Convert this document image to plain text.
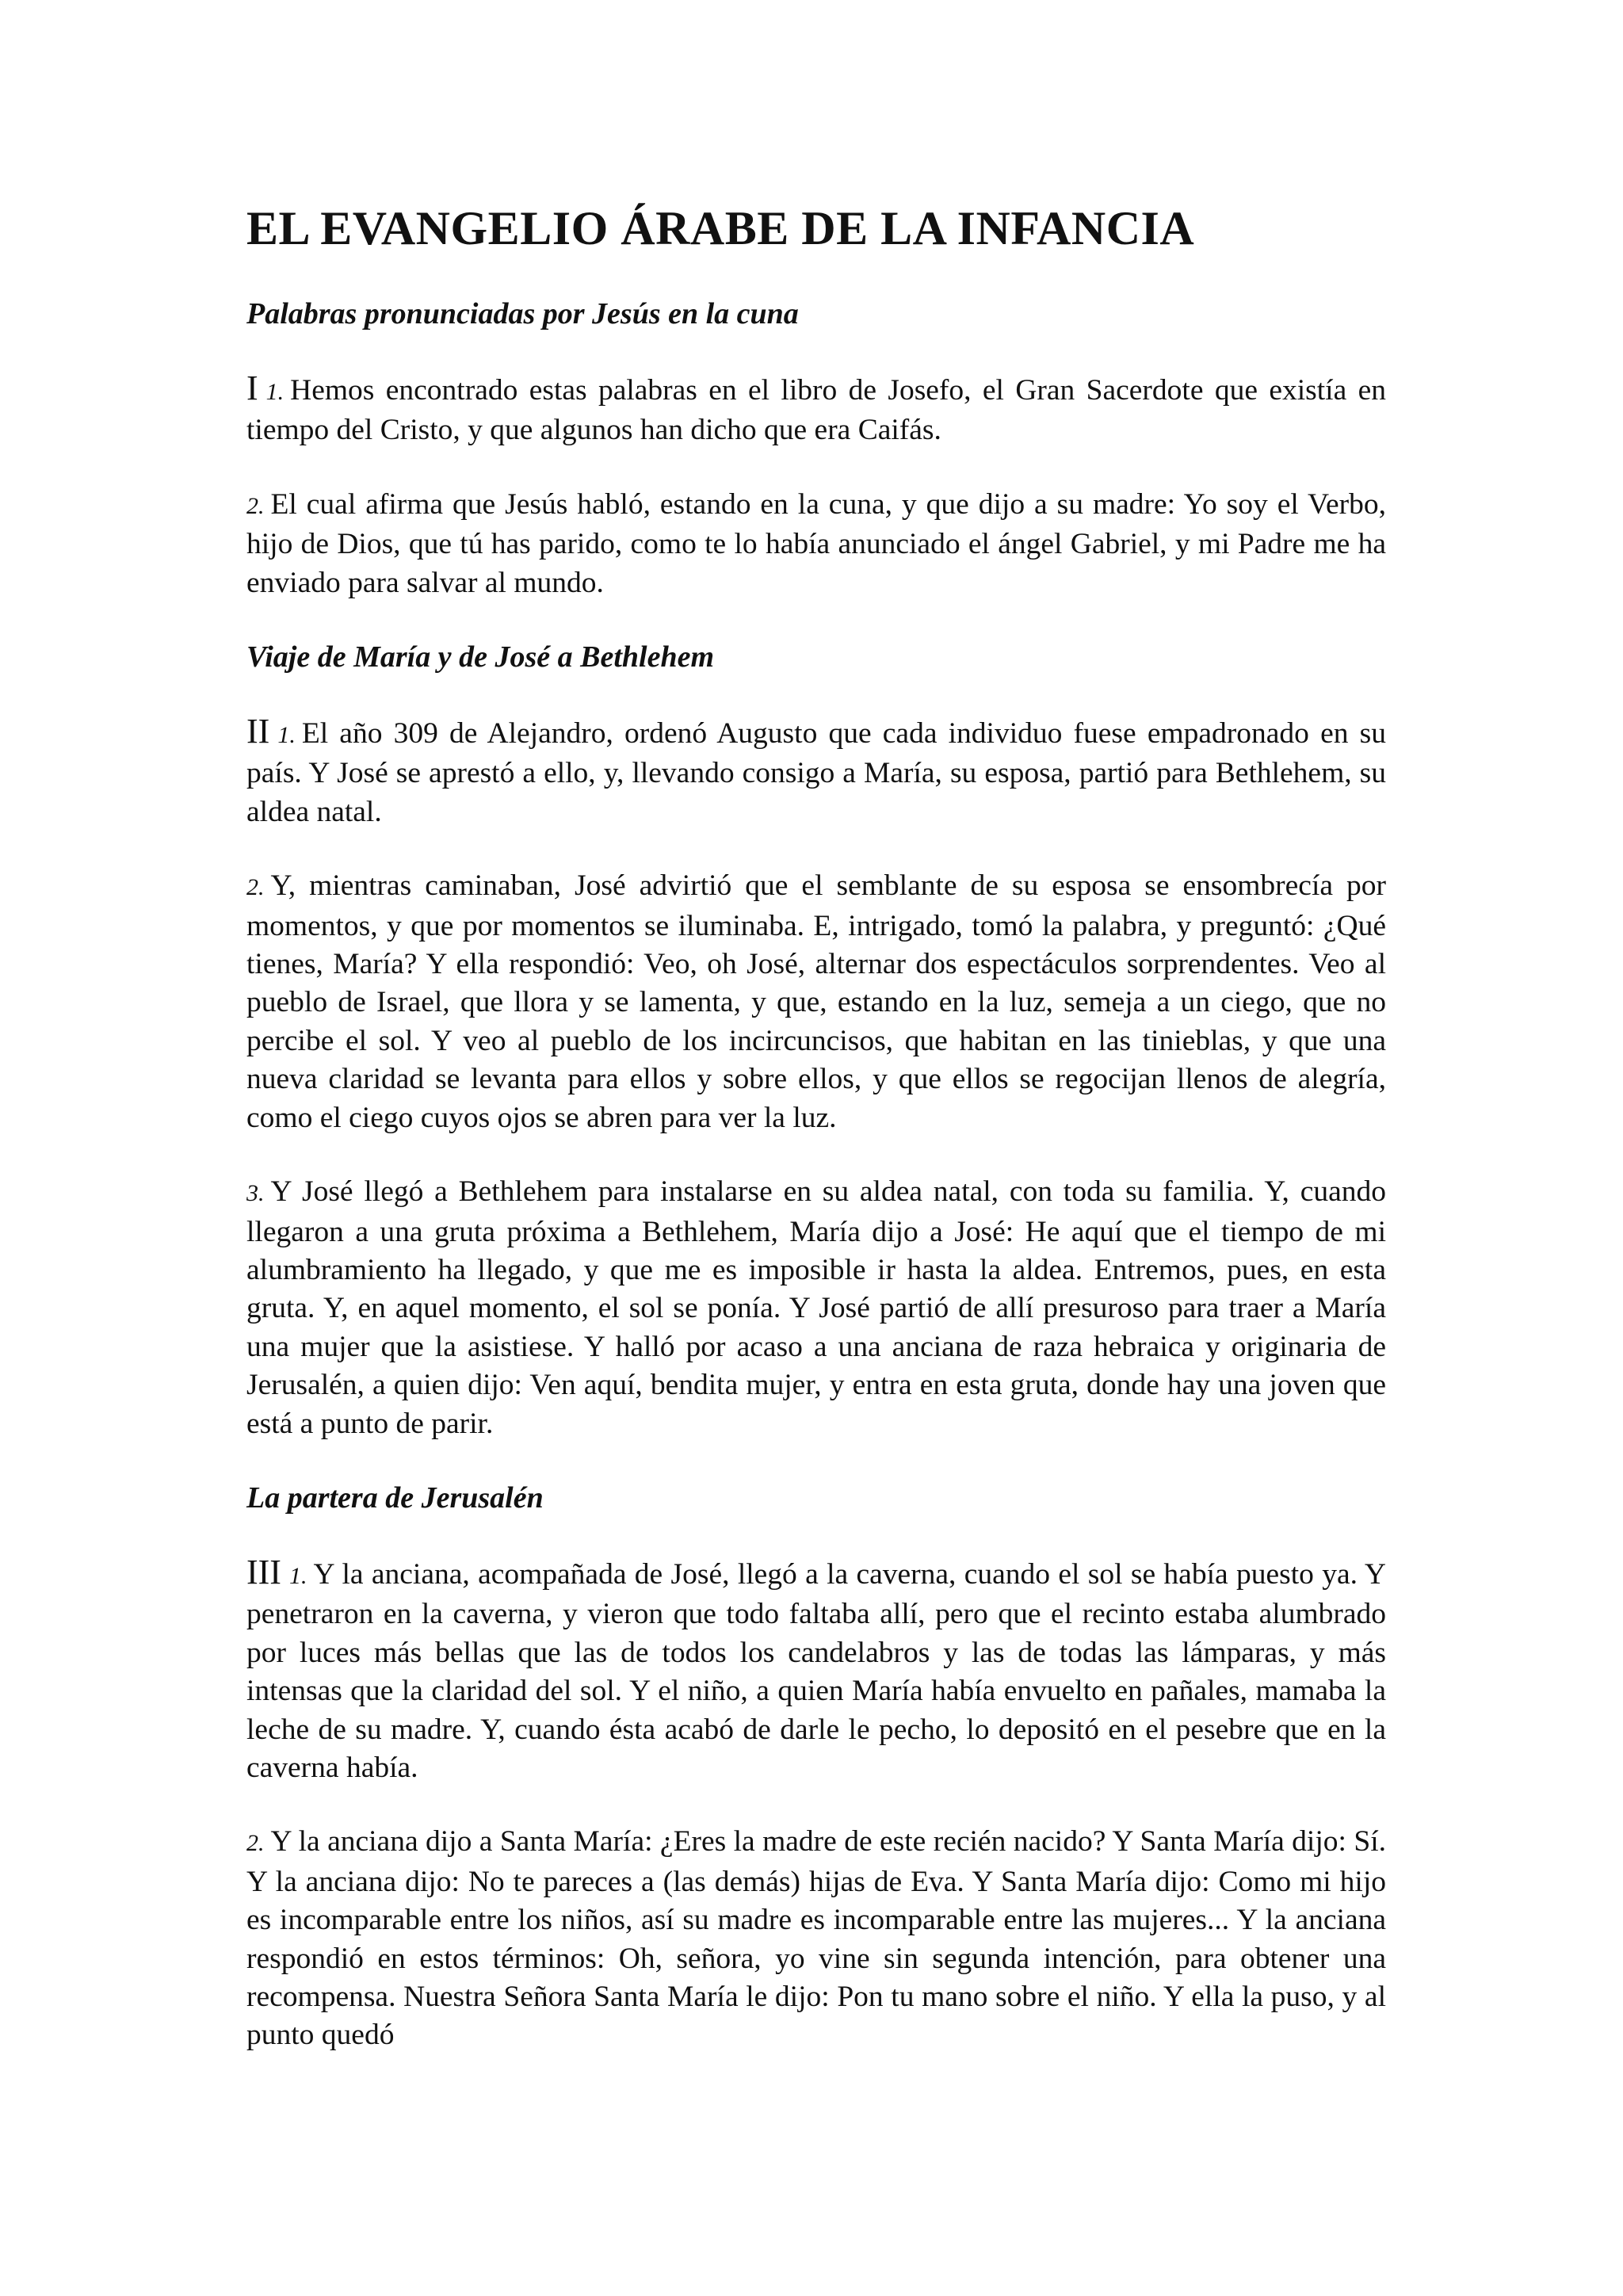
EL EVANGELIO ÁRABE DE LA INFANCIA
Palabras pronunciadas por Jesús en la cuna

I 1. Hemos encontrado estas palabras en el libro de Josefo, el Gran Sacerdote que existía en tiempo del Cristo, y que algunos han dicho que era Caifás.

2. El cual afirma que Jesús habló, estando en la cuna, y que dijo a su madre: Yo soy el Verbo, hijo de Dios, que tú has parido, como te lo había anunciado el ángel Gabriel, y mi Padre me ha enviado para salvar al mundo.

Viaje de María y de José a Bethlehem

II 1. El año 309 de Alejandro, ordenó Augusto que cada individuo fuese empadronado en su país. Y José se aprestó a ello, y, llevando consigo a María, su esposa, partió para Bethlehem, su aldea natal.

2. Y, mientras caminaban, José advirtió que el semblante de su esposa se ensombrecía por momentos, y que por momentos se iluminaba. E, intrigado, tomó la palabra, y preguntó: ¿Qué tienes, María? Y ella respondió: Veo, oh José, alternar dos espectáculos sorprendentes. Veo al pueblo de Israel, que llora y se lamenta, y que, estando en la luz, semeja a un ciego, que no percibe el sol. Y veo al pueblo de los incircuncisos, que habitan en las tinieblas, y que una nueva claridad se levanta para ellos y sobre ellos, y que ellos se regocijan llenos de alegría, como el ciego cuyos ojos se abren para ver la luz.

3. Y José llegó a Bethlehem para instalarse en su aldea natal, con toda su familia. Y, cuando llegaron a una gruta próxima a Bethlehem, María dijo a José: He aquí que el tiempo de mi alumbramiento ha llegado, y que me es imposible ir hasta la aldea. Entremos, pues, en esta gruta. Y, en aquel momento, el sol se ponía. Y José partió de allí presuroso para traer a María una mujer que la asistiese. Y halló por acaso a una anciana de raza hebraica y originaria de Jerusalén, a quien dijo: Ven aquí, bendita mujer, y entra en esta gruta, donde hay una joven que está a punto de parir.

La partera de Jerusalén

III 1. Y la anciana, acompañada de José, llegó a la caverna, cuando el sol se había puesto ya. Y penetraron en la caverna, y vieron que todo faltaba allí, pero que el recinto estaba alumbrado por luces más bellas que las de todos los candelabros y las de todas las lámparas, y más intensas que la claridad del sol. Y el niño, a quien María había envuelto en pañales, mamaba la leche de su madre. Y, cuando ésta acabó de darle le pecho, lo depositó en el pesebre que en la caverna había.

2. Y la anciana dijo a Santa María: ¿Eres la madre de este recién nacido? Y Santa María dijo: Sí. Y la anciana dijo: No te pareces a (las demás) hijas de Eva. Y Santa María dijo: Como mi hijo es incomparable entre los niños, así su madre es incomparable entre las mujeres... Y la anciana respondió en estos términos: Oh, señora, yo vine sin segunda intención, para obtener una recompensa. Nuestra Señora Santa María le dijo: Pon tu mano sobre el niño. Y ella la puso, y al punto quedó
